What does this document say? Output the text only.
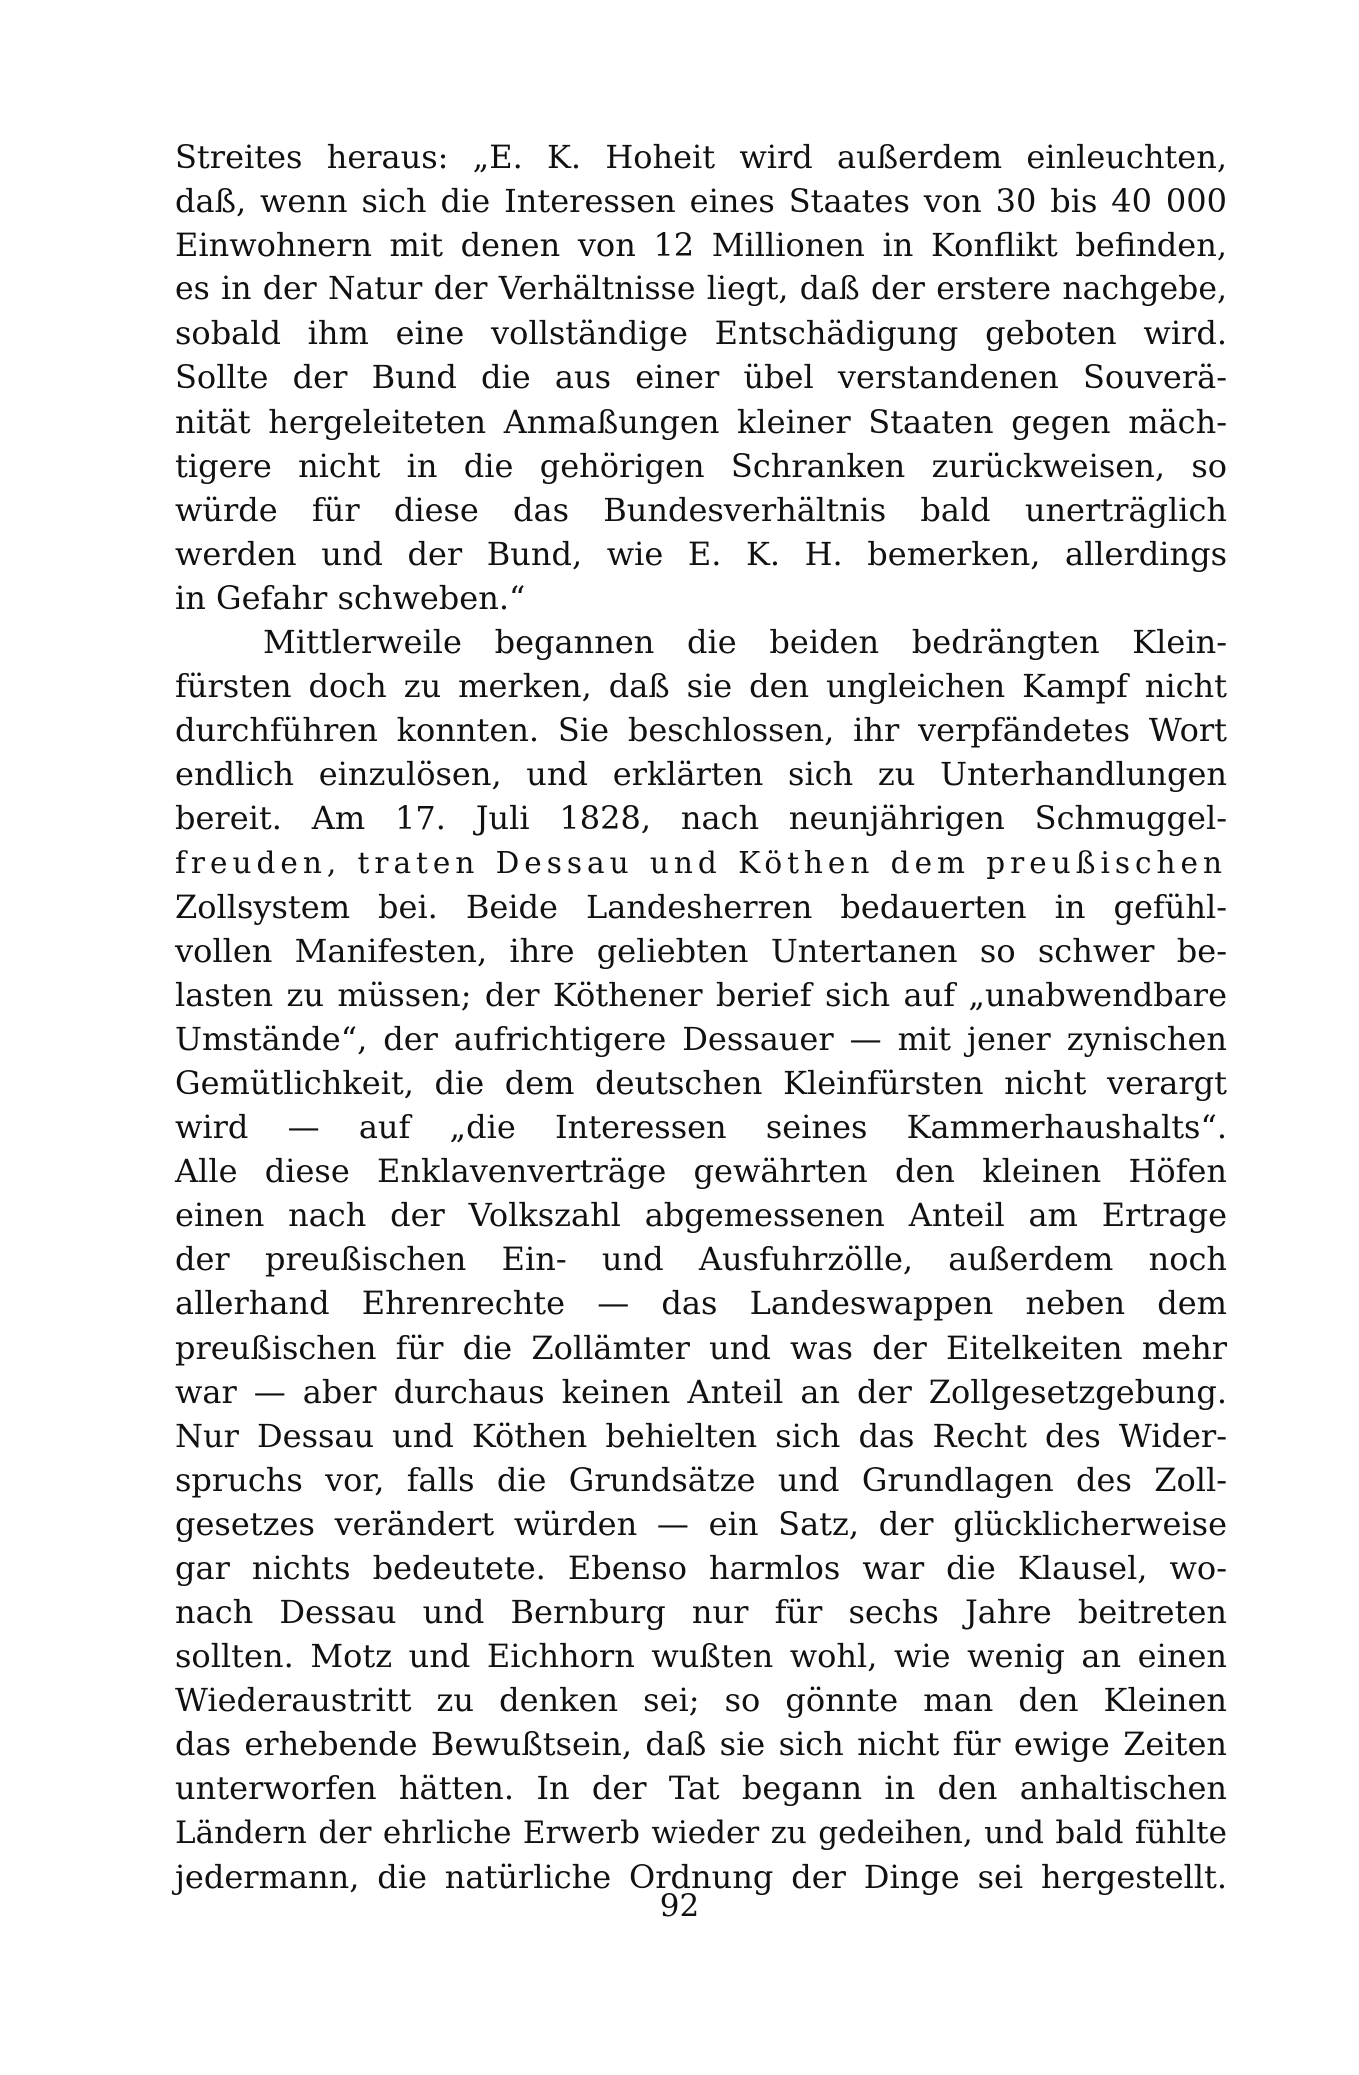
Streites heraus: „E. K. Hoheit wird außerdem einleuchten,
daß, wenn sich die Interessen eines Staates von 30 bis 40 000
Einwohnern mit denen von 12 Millionen in Konflikt befinden,
es in der Natur der Verhältnisse liegt, daß der erstere nachgebe,
sobald ihm eine vollständige Entschädigung geboten wird.
Sollte der Bund die aus einer übel verstandenen Souverä-
nität hergeleiteten Anmaßungen kleiner Staaten gegen mäch-
tigere nicht in die gehörigen Schranken zurückweisen, so
würde für diese das Bundesverhältnis bald unerträglich
werden und der Bund, wie E. K. H. bemerken, allerdings
in Gefahr schweben.“
Mittlerweile begannen die beiden bedrängten Klein-
fürsten doch zu merken, daß sie den ungleichen Kampf nicht
durchführen konnten. Sie beschlossen, ihr verpfändetes Wort
endlich einzulösen, und erklärten sich zu Unterhandlungen
bereit. Am 17. Juli 1828, nach neunjährigen Schmuggel-
freuden, traten Dessau und Köthen dem preußischen
Zollsystem bei. Beide Landesherren bedauerten in gefühl-
vollen Manifesten, ihre geliebten Untertanen so schwer be-
lasten zu müssen; der Köthener berief sich auf „unabwendbare
Umstände“, der aufrichtigere Dessauer — mit jener zynischen
Gemütlichkeit, die dem deutschen Kleinfürsten nicht verargt
wird — auf „die Interessen seines Kammerhaushalts“.
Alle diese Enklavenverträge gewährten den kleinen Höfen
einen nach der Volkszahl abgemessenen Anteil am Ertrage
der preußischen Ein- und Ausfuhrzölle, außerdem noch
allerhand Ehrenrechte — das Landeswappen neben dem
preußischen für die Zollämter und was der Eitelkeiten mehr
war — aber durchaus keinen Anteil an der Zollgesetzgebung.
Nur Dessau und Köthen behielten sich das Recht des Wider-
spruchs vor, falls die Grundsätze und Grundlagen des Zoll-
gesetzes verändert würden — ein Satz, der glücklicherweise
gar nichts bedeutete. Ebenso harmlos war die Klausel, wo-
nach Dessau und Bernburg nur für sechs Jahre beitreten
sollten. Motz und Eichhorn wußten wohl, wie wenig an einen
Wiederaustritt zu denken sei; so gönnte man den Kleinen
das erhebende Bewußtsein, daß sie sich nicht für ewige Zeiten
unterworfen hätten. In der Tat begann in den anhaltischen
Ländern der ehrliche Erwerb wieder zu gedeihen, und bald fühlte
jedermann, die natürliche Ordnung der Dinge sei hergestellt.
92
